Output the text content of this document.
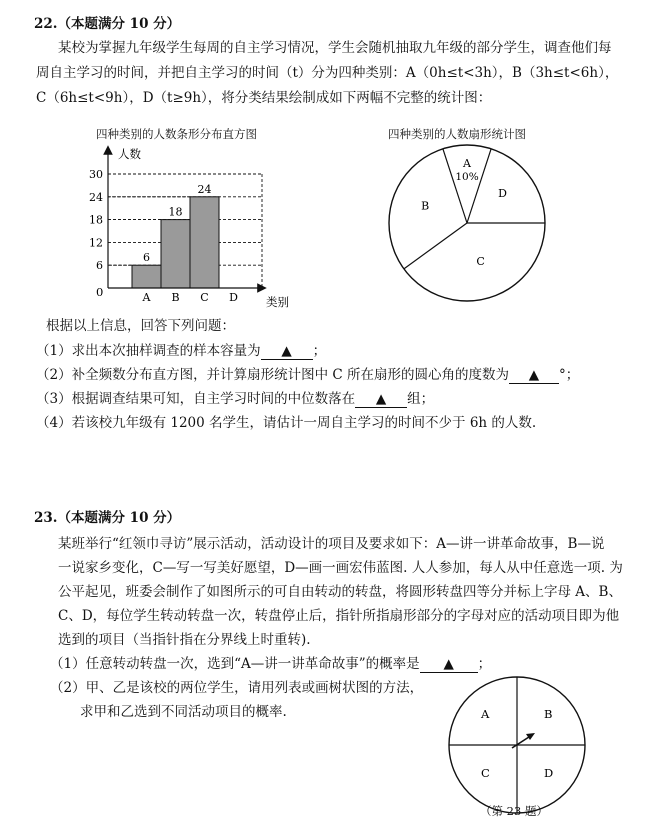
22.（本题满分 10 分）
某校为掌握九年级学生每周的自主学习情况，学生会随机抽取九年级的部分学生，调查他们每
周自主学习的时间，并把自主学习的时间（t）分为四种类别：A（0h≤t<3h），B（3h≤t<6h），
C（6h≤t<9h），D（t≥9h），将分类结果绘制成如下两幅不完整的统计图：
四种类别的人数条形分布直方图	四种类别的人数扇形统计图
人数
类别
0
6
12
18
24
30
A B C D
6
18
24
A
10%
D
C
B
根据以上信息，回答下列问题：
（1）求出本次抽样调查的样本容量为 ▲ ；
（2）补全频数分布直方图，并计算扇形统计图中 C 所在扇形的圆心角的度数为 ▲ °；
（3）根据调查结果可知，自主学习时间的中位数落在 ▲ 组；
（4）若该校九年级有 1200 名学生，请估计一周自主学习的时间不少于 6h 的人数.
23.（本题满分 10 分）
某班举行“红领巾寻访”展示活动，活动设计的项目及要求如下：A—讲一讲革命故事，B—说
一说家乡变化，C—写一写美好愿望，D—画一画宏伟蓝图. 人人参加，每人从中任意选一项. 为
公平起见，班委会制作了如图所示的可自由转动的转盘，将圆形转盘四等分并标上字母 A、B、
C、D，每位学生转动转盘一次，转盘停止后，指针所指扇形部分的字母对应的活动项目即为他
选到的项目（当指针指在分界线上时重转).
（1）任意转动转盘一次，选到“A—讲一讲革命故事”的概率是 ▲ ；
（2）甲、乙是该校的两位学生，请用列表或画树状图的方法，
求甲和乙选到不同活动项目的概率.	A	B
C	D
（第 23 题）
